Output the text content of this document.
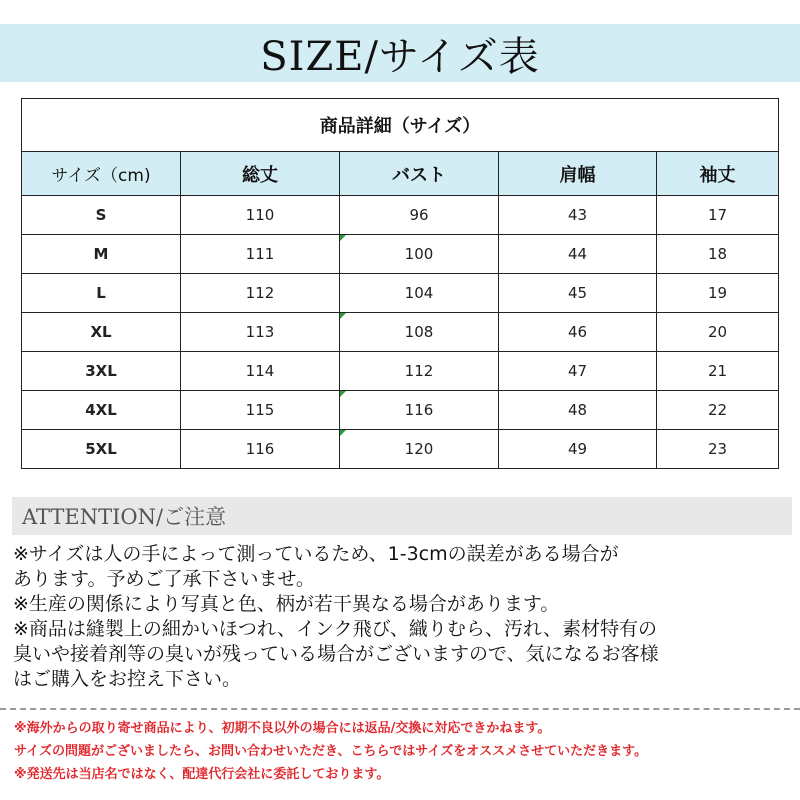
SIZE/サイズ表
商品詳細（サイズ）				
サイズ（cm)	総丈	バスト	肩幅	袖丈
S	110	96	43	17
M	111	100	44	18
L	112	104	45	19
XL	113	108	46	20
3XL	114	112	47	21
4XL	115	116	48	22
5XL	116	120	49	23
ATTENTION/ご注意

※サイズは人の手によって測っているため、1-3cmの誤差がある場合が

あります。予めご了承下さいませ。

※生産の関係により写真と色、柄が若干異なる場合があります。

※商品は縫製上の細かいほつれ、インク飛び、織りむら、汚れ、素材特有の

臭いや接着剤等の臭いが残っている場合がございますので、気になるお客様

はご購入をお控え下さい。

※海外からの取り寄せ商品により、初期不良以外の場合には返品/交換に対応できかねます。

サイズの問題がございましたら、お問い合わせいただき、こちらではサイズをオススメさせていただきます。

※発送先は当店名ではなく、配達代行会社に委託しております。
